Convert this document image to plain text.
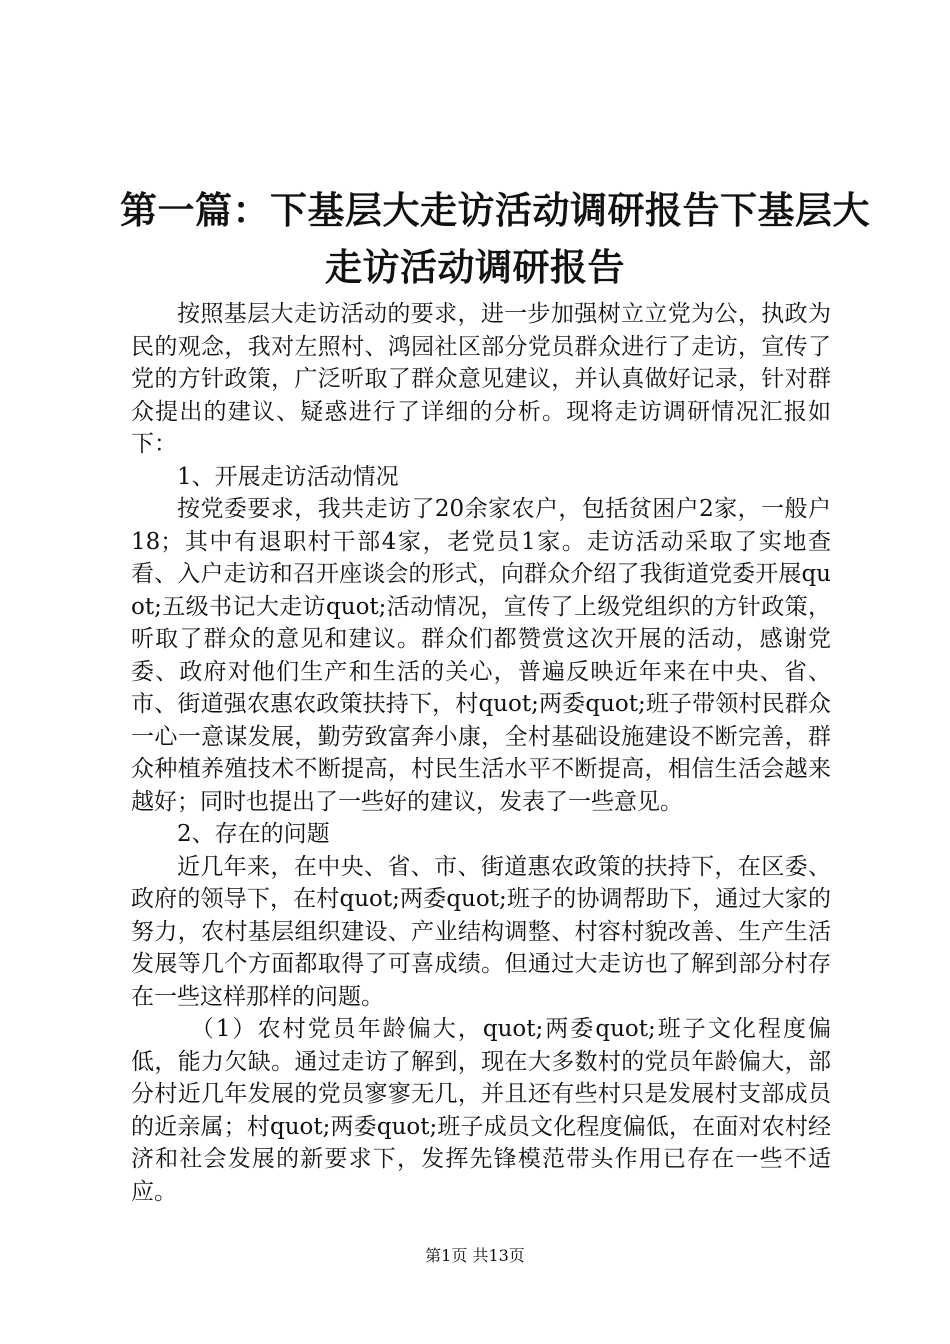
第一篇：下基层大走访活动调研报告下基层大
走访活动调研报告

按照基层大走访活动的要求，进一步加强树立立党为公，执政为民的观念，我对左照村、鸿园社区部分党员群众进行了走访，宣传了党的方针政策，广泛听取了群众意见建议，并认真做好记录，针对群众提出的建议、疑惑进行了详细的分析。现将走访调研情况汇报如下：

1、开展走访活动情况

按党委要求，我共走访了20余家农户，包括贫困户2家，一般户18；其中有退职村干部4家，老党员1家。走访活动采取了实地查看、入户走访和召开座谈会的形式，向群众介绍了我街道党委开展quot;五级书记大走访quot;活动情况，宣传了上级党组织的方针政策，听取了群众的意见和建议。群众们都赞赏这次开展的活动，感谢党委、政府对他们生产和生活的关心，普遍反映近年来在中央、省、市、街道强农惠农政策扶持下，村quot;两委quot;班子带领村民群众一心一意谋发展，勤劳致富奔小康，全村基础设施建设不断完善，群众种植养殖技术不断提高，村民生活水平不断提高，相信生活会越来越好；同时也提出了一些好的建议，发表了一些意见。

2、存在的问题

近几年来，在中央、省、市、街道惠农政策的扶持下，在区委、政府的领导下，在村quot;两委quot;班子的协调帮助下，通过大家的努力，农村基层组织建设、产业结构调整、村容村貌改善、生产生活发展等几个方面都取得了可喜成绩。但通过大走访也了解到部分村存在一些这样那样的问题。

（1）农村党员年龄偏大，quot;两委quot;班子文化程度偏低，能力欠缺。通过走访了解到，现在大多数村的党员年龄偏大，部分村近几年发展的党员寥寥无几，并且还有些村只是发展村支部成员的近亲属；村quot;两委quot;班子成员文化程度偏低，在面对农村经济和社会发展的新要求下，发挥先锋模范带头作用已存在一些不适应。

第1页 共13页
